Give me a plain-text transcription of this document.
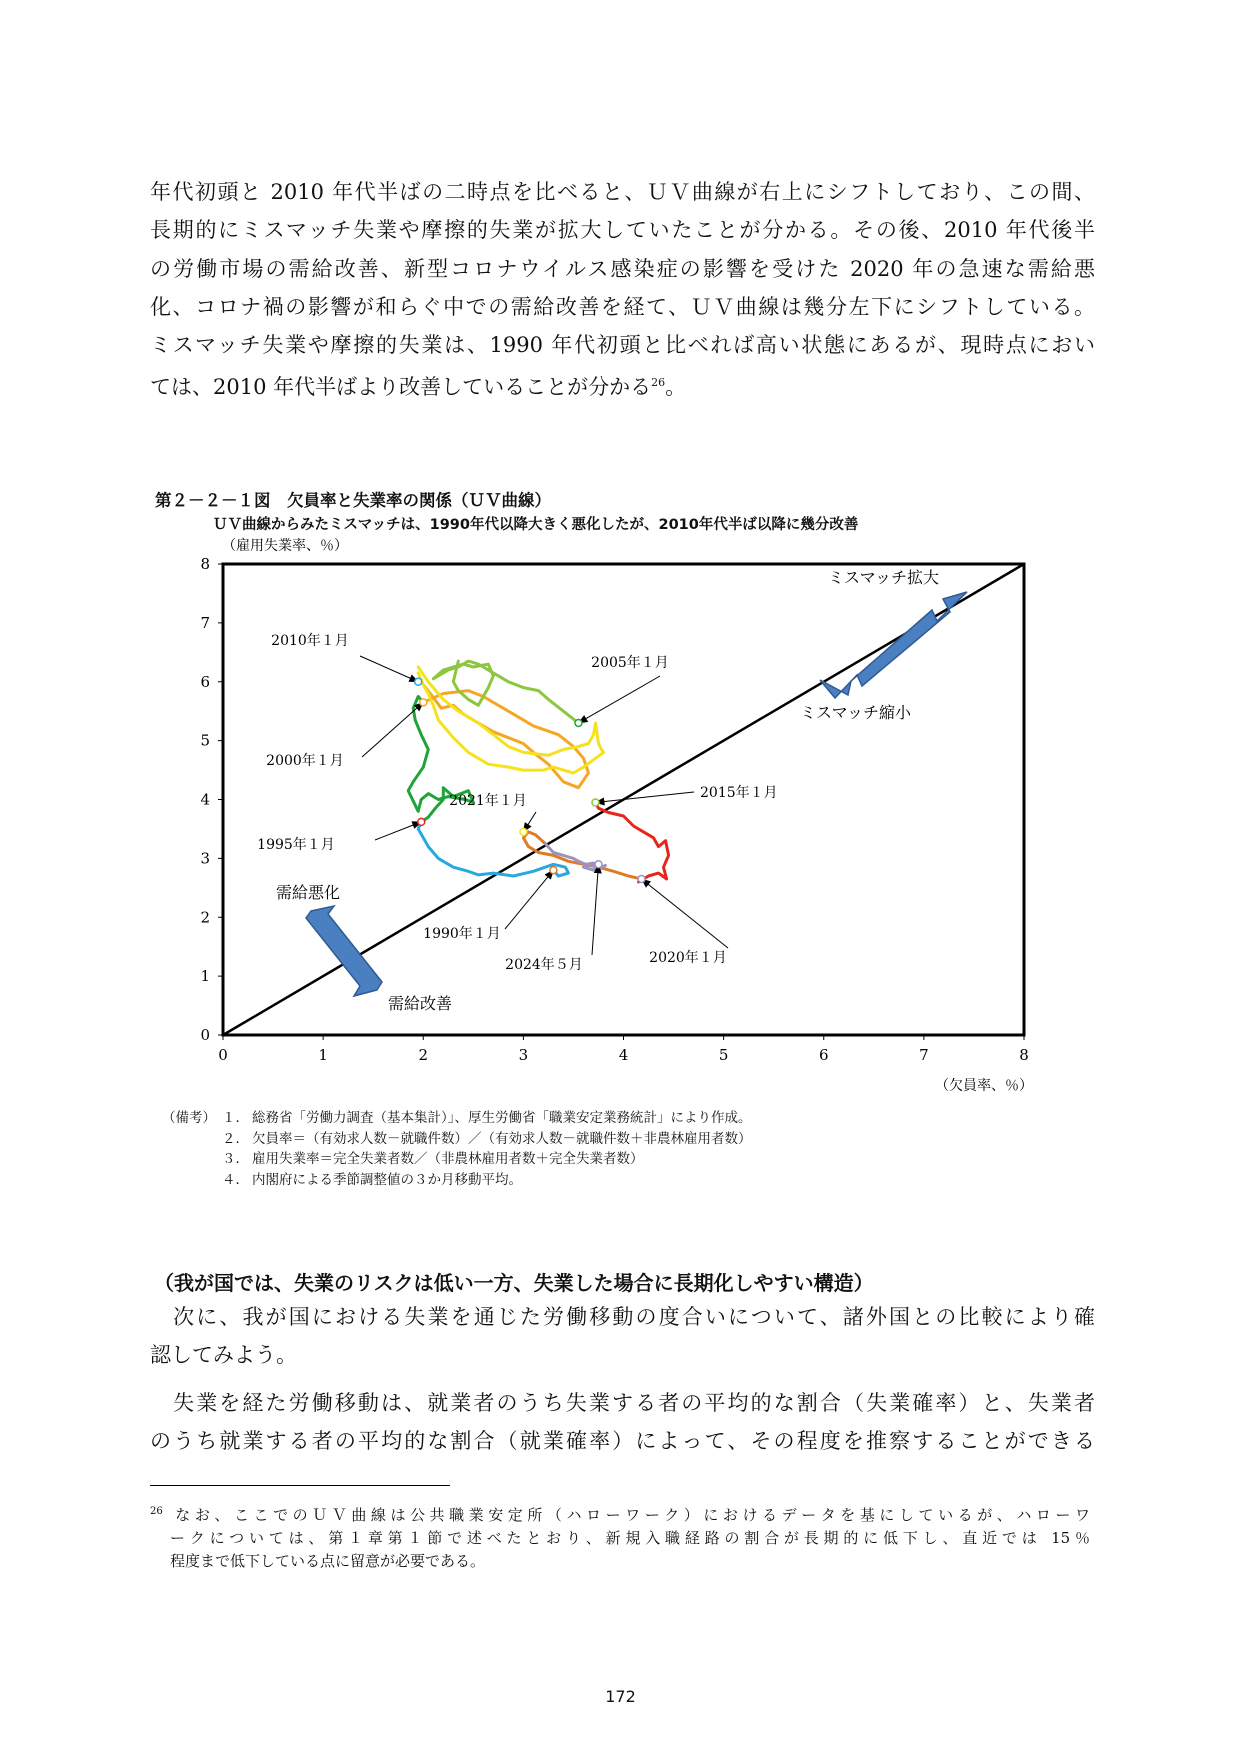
年代初頭と 2010 年代半ばの二時点を比べると、ＵＶ曲線が右上にシフトしており、この間、
長期的にミスマッチ失業や摩擦的失業が拡大していたことが分かる。その後、2010 年代後半
の労働市場の需給改善、新型コロナウイルス感染症の影響を受けた 2020 年の急速な需給悪
化、コロナ禍の影響が和らぐ中での需給改善を経て、ＵＶ曲線は幾分左下にシフトしている。
ミスマッチ失業や摩擦的失業は、1990 年代初頭と比べれば高い状態にあるが、現時点におい
ては、2010 年代半ばより改善していることが分かる$^{26}$。
第２－２－１図　欠員率と失業率の関係（ＵＶ曲線）
ＵＶ曲線からみたミスマッチは、1990年代以降大きく悪化したが、2010年代半ば以降に幾分改善
0	1	2	3	4	5	6	7	8
0
1
2
3
4
5
6
7
8
2010年１月
2005年１月
2000年１月
2021年１月	2015年１月
1995年１月
1990年１月
2024年５月	2020年１月
ミスマッチ拡大
ミスマッチ縮小
需給悪化
需給改善
（雇用失業率、％）
（欠員率、％）
（備考） １． 総務省「労働力調査（基本集計）」、厚生労働省「職業安定業務統計」により作成。
２． 欠員率＝（有効求人数－就職件数）／（有効求人数－就職件数＋非農林雇用者数）
３． 雇用失業率＝完全失業者数／（非農林雇用者数＋完全失業者数）
４． 内閣府による季節調整値の３か月移動平均。
（我が国では、失業のリスクは低い一方、失業した場合に長期化しやすい構造）
　次に、我が国における失業を通じた労働移動の度合いについて、諸外国との比較により確
認してみよう。
　失業を経た労働移動は、就業者のうち失業する者の平均的な割合（失業確率）と、失業者
のうち就業する者の平均的な割合（就業確率）によって、その程度を推察することができる
$^{26}$ なお、ここでのＵＶ曲線は公共職業安定所（ハローワーク）におけるデータを基にしているが、ハローワ
ークについては、第１章第１節で述べたとおり、新規入職経路の割合が長期的に低下し、直近では 15％
程度まで低下している点に留意が必要である。
172
